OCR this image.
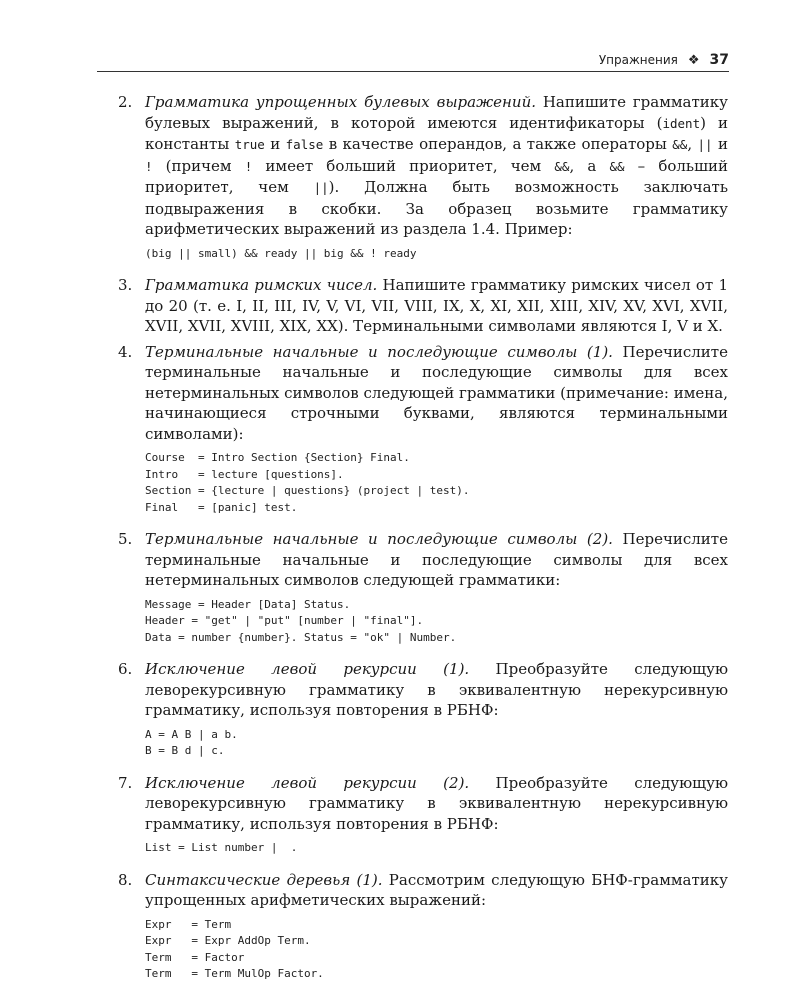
Упражнения ❖ 37
2. Грамматика упрощенных булевых выражений. Напишите грамматику булевых выражений, в которой имеются идентификаторы (ident) и константы true и false в качестве операндов, а также операторы &&, || и ! (причем ! имеет больший приоритет, чем &&, а && – больший приоритет, чем ||). Должна быть возможность заключать подвыражения в скобки. За образец возьмите грамматику арифметических выражений из раздела 1.4. Пример:
(big || small) && ready || big && ! ready
3. Грамматика римских чисел. Напишите грамматику римских чисел от 1 до 20 (т. е. I, II, III, IV, V, VI, VII, VIII, IX, X, XI, XII, XIII, XIV, XV, XVI, XVII, XVII, XVII, XVIII, XIX, XX). Терминальными символами являются I, V и X.
4. Терминальные начальные и последующие символы (1). Перечислите терминальные начальные и последующие символы для всех нетерминальных символов следующей грамматики (примечание: имена, начинающиеся строчными буквами, являются терминальными символами):
Course  = Intro Section {Section} Final.
Intro   = lecture [questions].
Section = {lecture | questions} (project | test).
Final   = [panic] test.
5. Терминальные начальные и последующие символы (2). Перечислите терминальные начальные и последующие символы для всех нетерминальных символов следующей грамматики:
Message = Header [Data] Status.
Header = "get" | "put" [number | "final"].
Data = number {number}. Status = "ok" | Number.
6. Исключение левой рекурсии (1). Преобразуйте следующую леворекурсивную грамматику в эквивалентную нерекурсивную грамматику, используя повторения в РБНФ:
A = A B | a b.
B = B d | c.
7. Исключение левой рекурсии (2). Преобразуйте следующую леворекурсивную грамматику в эквивалентную нерекурсивную грамматику, используя повторения в РБНФ:
List = List number |  .
8. Синтаксические деревья (1). Рассмотрим следующую БНФ-грамматику упрощенных арифметических выражений:
Expr   = Term
Expr   = Expr AddOp Term.
Term   = Factor
Term   = Term MulOp Factor.
